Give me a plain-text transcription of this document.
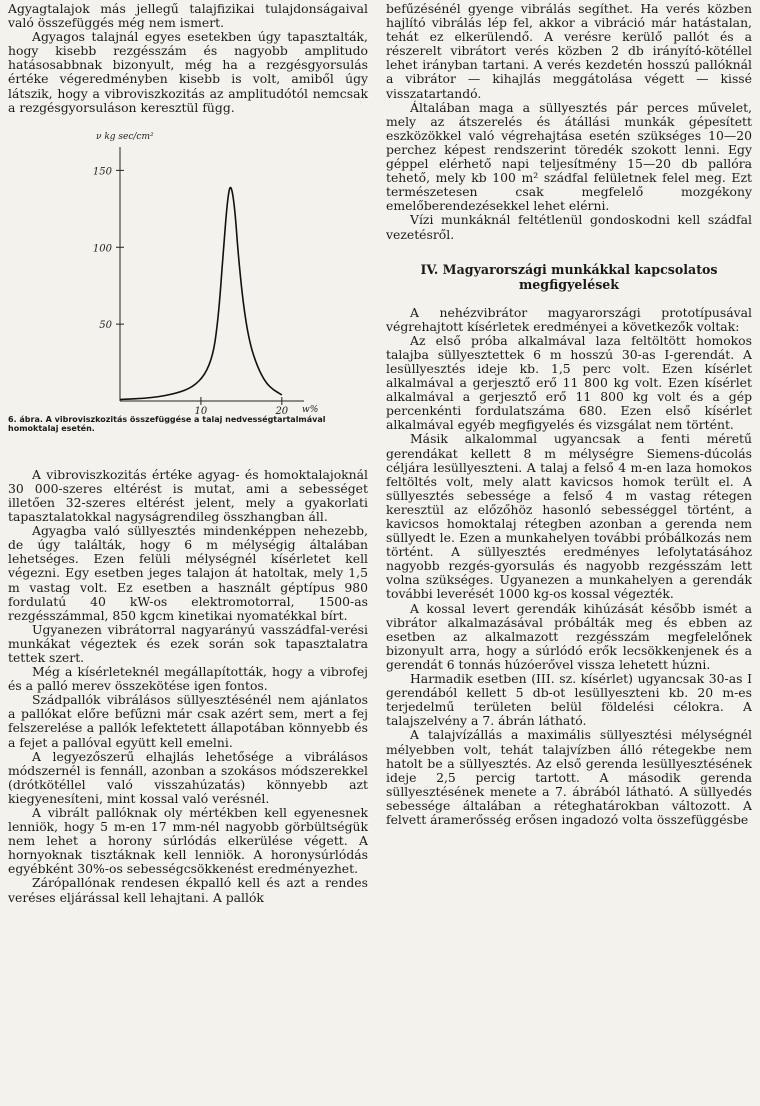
Agyagtalajok más jellegű talajfizikai tulajdonságaival való összefüggés még nem ismert.

Agyagos talajnál egyes esetekben úgy tapasztalták, hogy kisebb rezgésszám és nagyobb amplitudo hatásosabbnak bizonyult, még ha a rezgésgyorsulás értéke végeredményben kisebb is volt, amiből úgy látszik, hogy a vibroviszkozitás az amplitudótól nemcsak a rezgésgyorsuláson keresztül függ.

50
100
150
10	20
ν kg sec/cm²
w%

6. ábra. A vibroviszkozitás összefüggése a talaj nedvességtartalmával homoktalaj esetén.

A vibroviszkozitás értéke agyag- és homoktalajoknál 30 000-szeres eltérést is mutat, ami a sebességet illetően 32-szeres eltérést jelent, mely a gyakorlati tapasztalatokkal nagyságrendileg összhangban áll.

Agyagba való süllyesztés mindenképpen nehezebb, de úgy találták, hogy 6 m mélységig általában lehetséges. Ezen felüli mélységnél kísérletet kell végezni. Egy esetben jeges talajon át hatoltak, mely 1,5 m vastag volt. Ez esetben a használt géptípus 980 fordulatú 40 kW-os elektromotorral, 1500-as rezgésszámmal, 850 kgcm kinetikai nyomatékkal bírt.

Ugyanezen vibrátorral nagyarányú vasszádfal-verési munkákat végeztek és ezek során sok tapasztalatra tettek szert.

Még a kísérleteknél megállapították, hogy a vibrofej és a palló merev összekötése igen fontos.

Szádpallók vibrálásos süllyesztésénél nem ajánlatos a pallókat előre befűzni már csak azért sem, mert a fej felszerelése a pallók lefektetett állapotában könnyebb és a fejet a pallóval együtt kell emelni.

A legyezőszerű elhajlás lehetősége a vibrálásos módszernél is fennáll, azonban a szokásos módszerekkel (drótkötéllel való visszahúzatás) könnyebb azt kiegyenesíteni, mint kossal való verésnél.

A vibrált pallóknak oly mértékben kell egyenesnek lenniök, hogy 5 m-en 17 mm-nél nagyobb görbültségük nem lehet a horony súrlódás elkerülése végett. A hornyoknak tisztáknak kell lenniök. A horonysúrlódás egyébként 30%-os sebességcsökkenést eredményezhet.

Zárópallónak rendesen ékpalló kell és azt a rendes veréses eljárással kell lehajtani. A pallók

befűzésénél gyenge vibrálás segíthet. Ha verés közben hajlító vibrálás lép fel, akkor a vibráció már hatástalan, tehát ez elkerülendő. A verésre kerülő pallót és a részerelt vibrátort verés közben 2 db irányító-kötéllel lehet irányban tartani. A verés kezdetén hosszú pallóknál a vibrátor — kihajlás meggátolása végett — kissé visszatartandó.

Általában maga a süllyesztés pár perces művelet, mely az átszerelés és átállási munkák gépesített eszközökkel való végrehajtása esetén szükséges 10—20 perchez képest rendszerint töredék szokott lenni. Egy géppel elérhető napi teljesítmény 15—20 db pallóra tehető, mely kb 100 m² szádfal felületnek felel meg. Ezt természetesen csak megfelelő mozgékony emelőberendezésekkel lehet elérni.

Vízi munkáknál feltétlenül gondoskodni kell szádfal vezetésről.

IV. Magyarországi munkákkal kapcsolatos megfigyelések

A nehézvibrátor magyarországi prototípusával végrehajtott kísérletek eredményei a következők voltak:

Az első próba alkalmával laza feltöltött homokos talajba süllyesztettek 6 m hosszú 30-as I-gerendát. A lesüllyesztés ideje kb. 1,5 perc volt. Ezen kísérlet alkalmával a gerjesztő erő 11 800 kg volt. Ezen kísérlet alkalmával a gerjesztő erő 11 800 kg volt és a gép percenkénti fordulatszáma 680. Ezen első kísérlet alkalmával egyéb megfigyelés és vizsgálat nem történt.

Másik alkalommal ugyancsak a fenti méretű gerendákat kellett 8 m mélységre Siemens-dúcolás céljára lesüllyeszteni. A talaj a felső 4 m-en laza homokos feltöltés volt, mely alatt kavicsos homok terült el. A süllyesztés sebessége a felső 4 m vastag rétegen keresztül az előzőhöz hasonló sebességgel történt, a kavicsos homoktalaj rétegben azonban a gerenda nem süllyedt le. Ezen a munkahelyen további próbálkozás nem történt. A süllyesztés eredményes lefolytatásához nagyobb rezgés-gyorsulás és nagyobb rezgésszám lett volna szükséges. Ugyanezen a munkahelyen a gerendák további leverését 1000 kg-os kossal végezték.

A kossal levert gerendák kihúzását később ismét a vibrátor alkalmazásával próbálták meg és ebben az esetben az alkalmazott rezgésszám megfelelőnek bizonyult arra, hogy a súrlódó erők lecsökkenjenek és a gerendát 6 tonnás húzóerővel vissza lehetett húzni.

Harmadik esetben (III. sz. kísérlet) ugyancsak 30-as I gerendából kellett 5 db-ot lesüllyeszteni kb. 20 m-es terjedelmű területen belül földelési célokra. A talajszelvény a 7. ábrán látható.

A talajvízállás a maximális süllyesztési mélységnél mélyebben volt, tehát talajvízben álló rétegekbe nem hatolt be a süllyesztés. Az első gerenda lesüllyesztésének ideje 2,5 percig tartott. A második gerenda süllyesztésének menete a 7. ábrából látható. A süllyedés sebessége általában a réteghatárokban változott. A felvett áramerősség erősen ingadozó volta összefüggésbe
